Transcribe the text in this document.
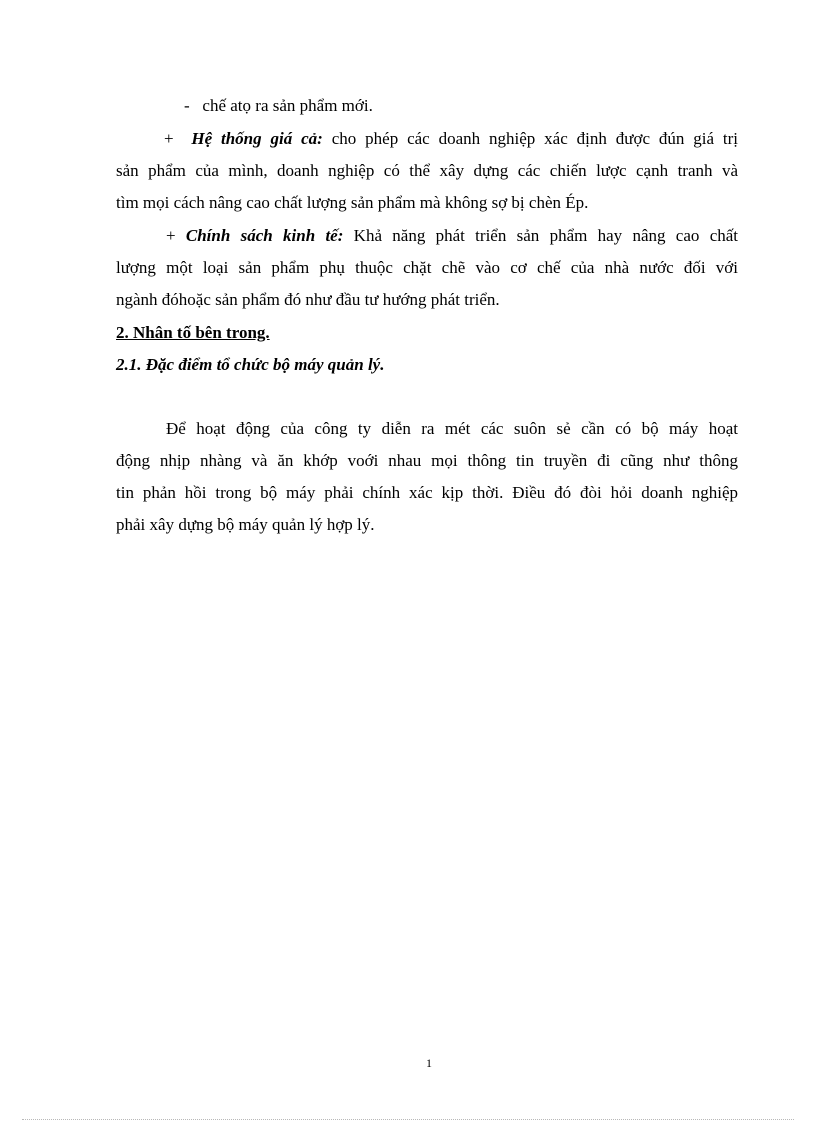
- chế atọ ra sản phẩm mới.
+ Hệ thống giá cả: cho phép các doanh nghiệp xác định được đún giá trị
sản phẩm của mình, doanh nghiệp có thể xây dựng các chiến lược cạnh tranh và
tìm mọi cách nâng cao chất lượng sản phẩm mà không sợ bị chèn Ép.
+ Chính sách kinh tế: Khả năng phát triển sản phẩm hay nâng cao chất
lượng một loại sản phẩm phụ thuộc chặt chẽ vào cơ chế của nhà nước đối với
ngành đóhoặc sản phẩm đó như đầu tư hướng phát triển.
2. Nhân tố bên trong.
2.1. Đặc điểm tổ chức bộ máy quản lý.
Để hoạt động của công ty diễn ra mét các suôn sẻ cần có bộ máy hoạt
động nhịp nhàng và ăn khớp voới nhau mọi thông tin truyền đi cũng như thông
tin phản hồi trong bộ máy phải chính xác kịp thời. Điều đó đòi hỏi doanh nghiệp
phải xây dựng bộ máy quản lý hợp lý.
1
